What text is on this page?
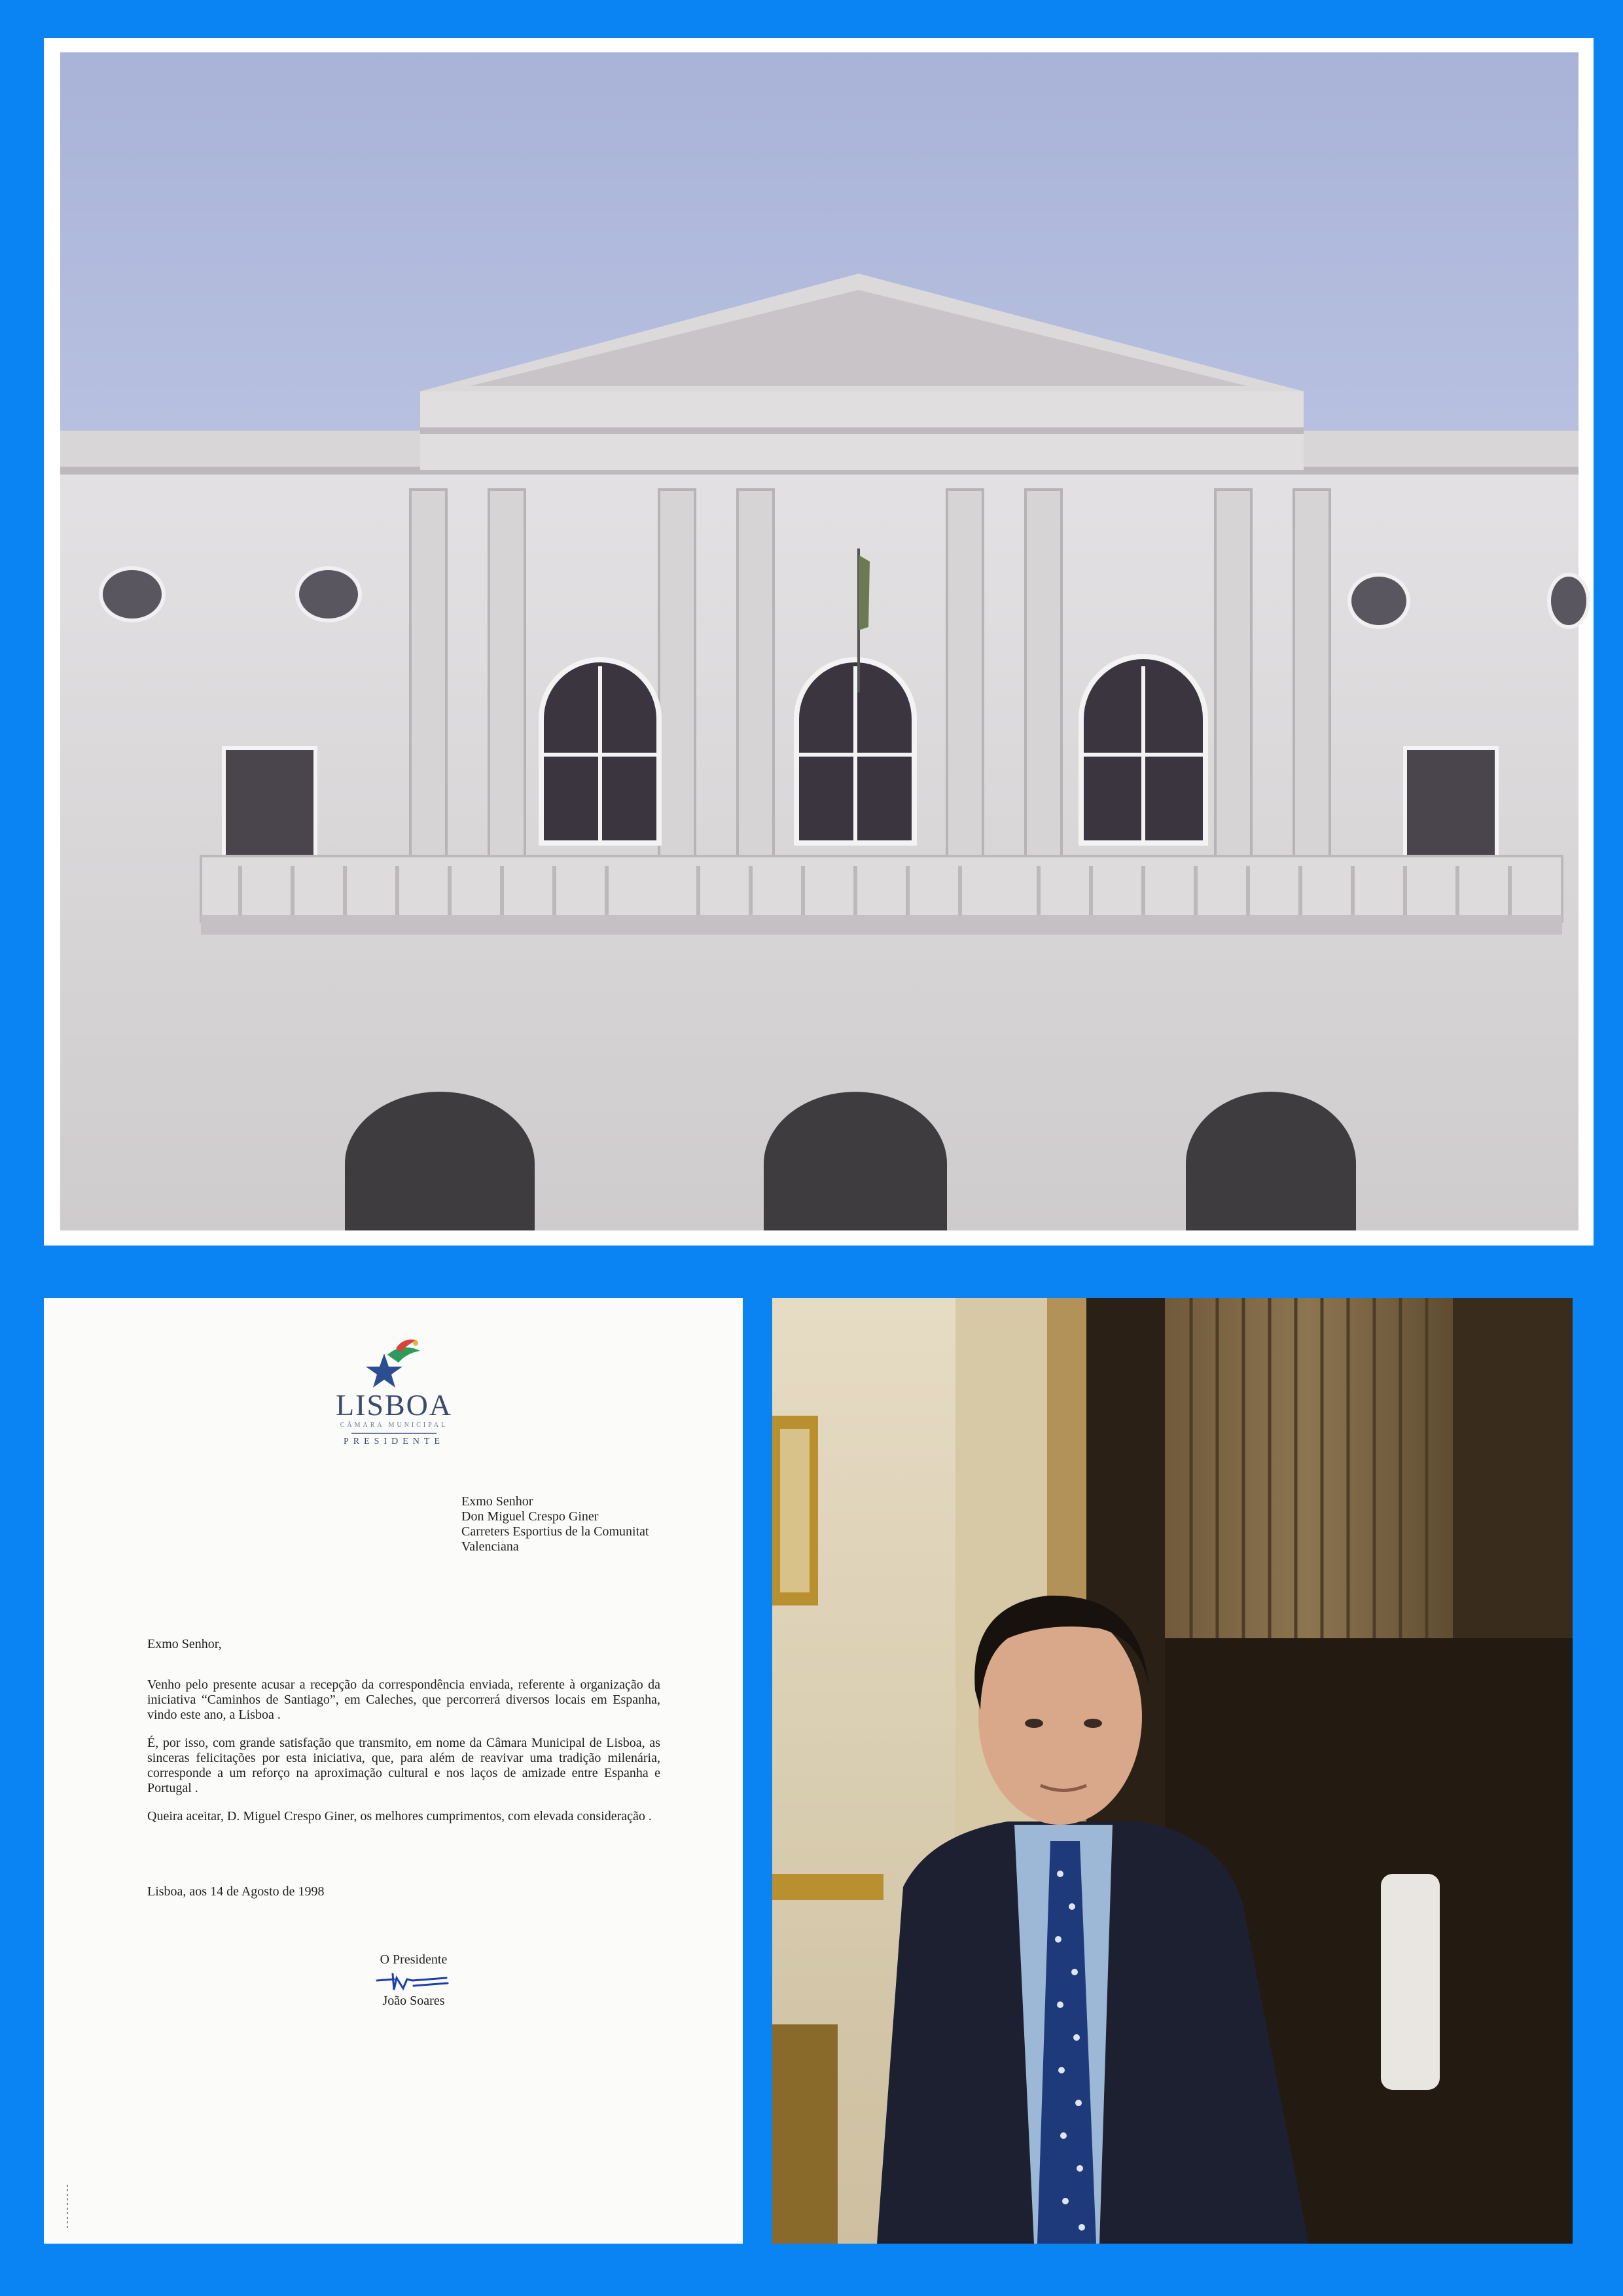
LISBOA
CÂMARA MUNICIPAL
PRESIDENTE
Exmo Senhor
Don Miguel Crespo Giner
Carreters Esportius de la Comunitat
Valenciana
Exmo Senhor,

Venho pelo presente acusar a recepção da correspondência enviada, referente à organização da iniciativa “Caminhos de Santiago”, em Caleches, que percorrerá diversos locais em Espanha, vindo este ano, a Lisboa .

É, por isso, com grande satisfação que transmito, em nome da Câmara Municipal de Lisboa, as sinceras felicitações por esta iniciativa, que, para além de reavivar uma tradição milenária, corresponde a um reforço na aproximação cultural e nos laços de amizade entre Espanha e Portugal .

Queira aceitar, D. Miguel Crespo Giner, os melhores cumprimentos, com elevada consideração .

Lisboa, aos 14 de Agosto de 1998
O Presidente
João Soares
